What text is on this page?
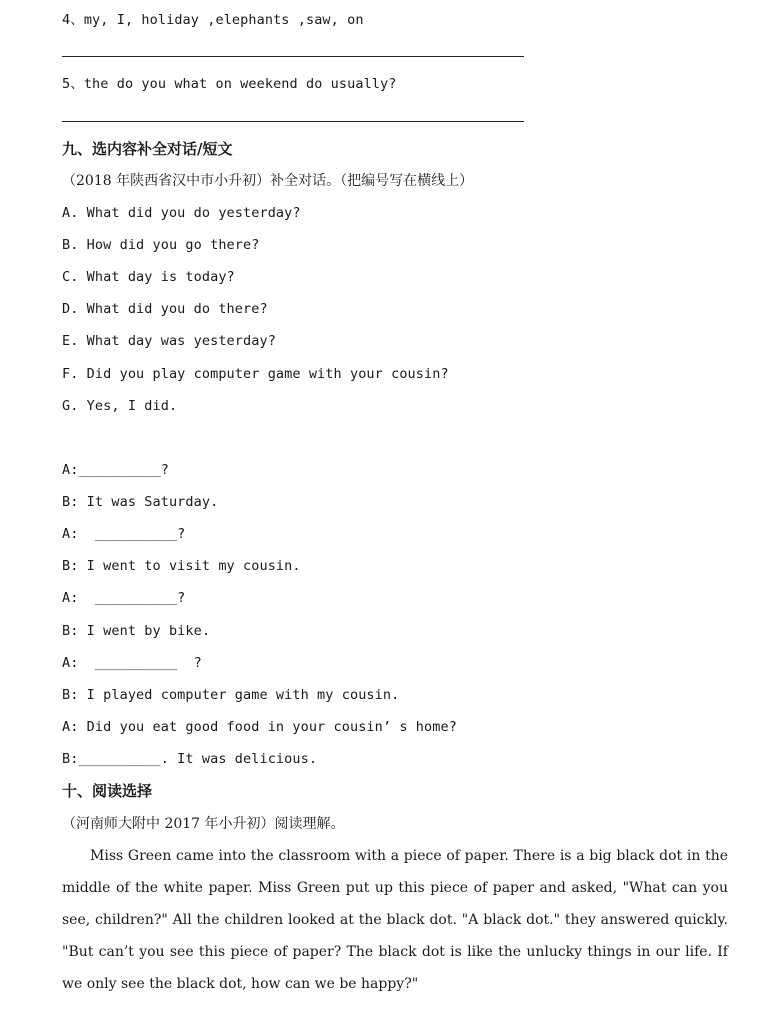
4、my, I, holiday ,elephants ,saw, on
5、the do you what on weekend do usually?
九、选内容补全对话/短文
（2018 年陕西省汉中市小升初）补全对话。（把编号写在横线上）
A. What did you do yesterday?
B. How did you go there?
C. What day is today?
D. What did you do there?
E. What day was yesterday?
F. Did you play computer game with your cousin?
G. Yes, I did.
A:__________?
B: It was Saturday.
A:  __________?
B: I went to visit my cousin.
A:  __________?
B: I went by bike.
A:  __________  ?
B: I played computer game with my cousin.
A: Did you eat good food in your cousin’ s home?
B:__________. It was delicious.
十、阅读选择
（河南师大附中 2017 年小升初）阅读理解。
Miss Green came into the classroom with a piece of paper. There is a big black dot in the middle of the white paper. Miss Green put up this piece of paper and asked, "What can you see, children?" All the children looked at the black dot. "A black dot." they answered quickly. "But can’t you see this piece of paper? The black dot is like the unlucky things in our life. If we only see the black dot, how can we be happy?"
